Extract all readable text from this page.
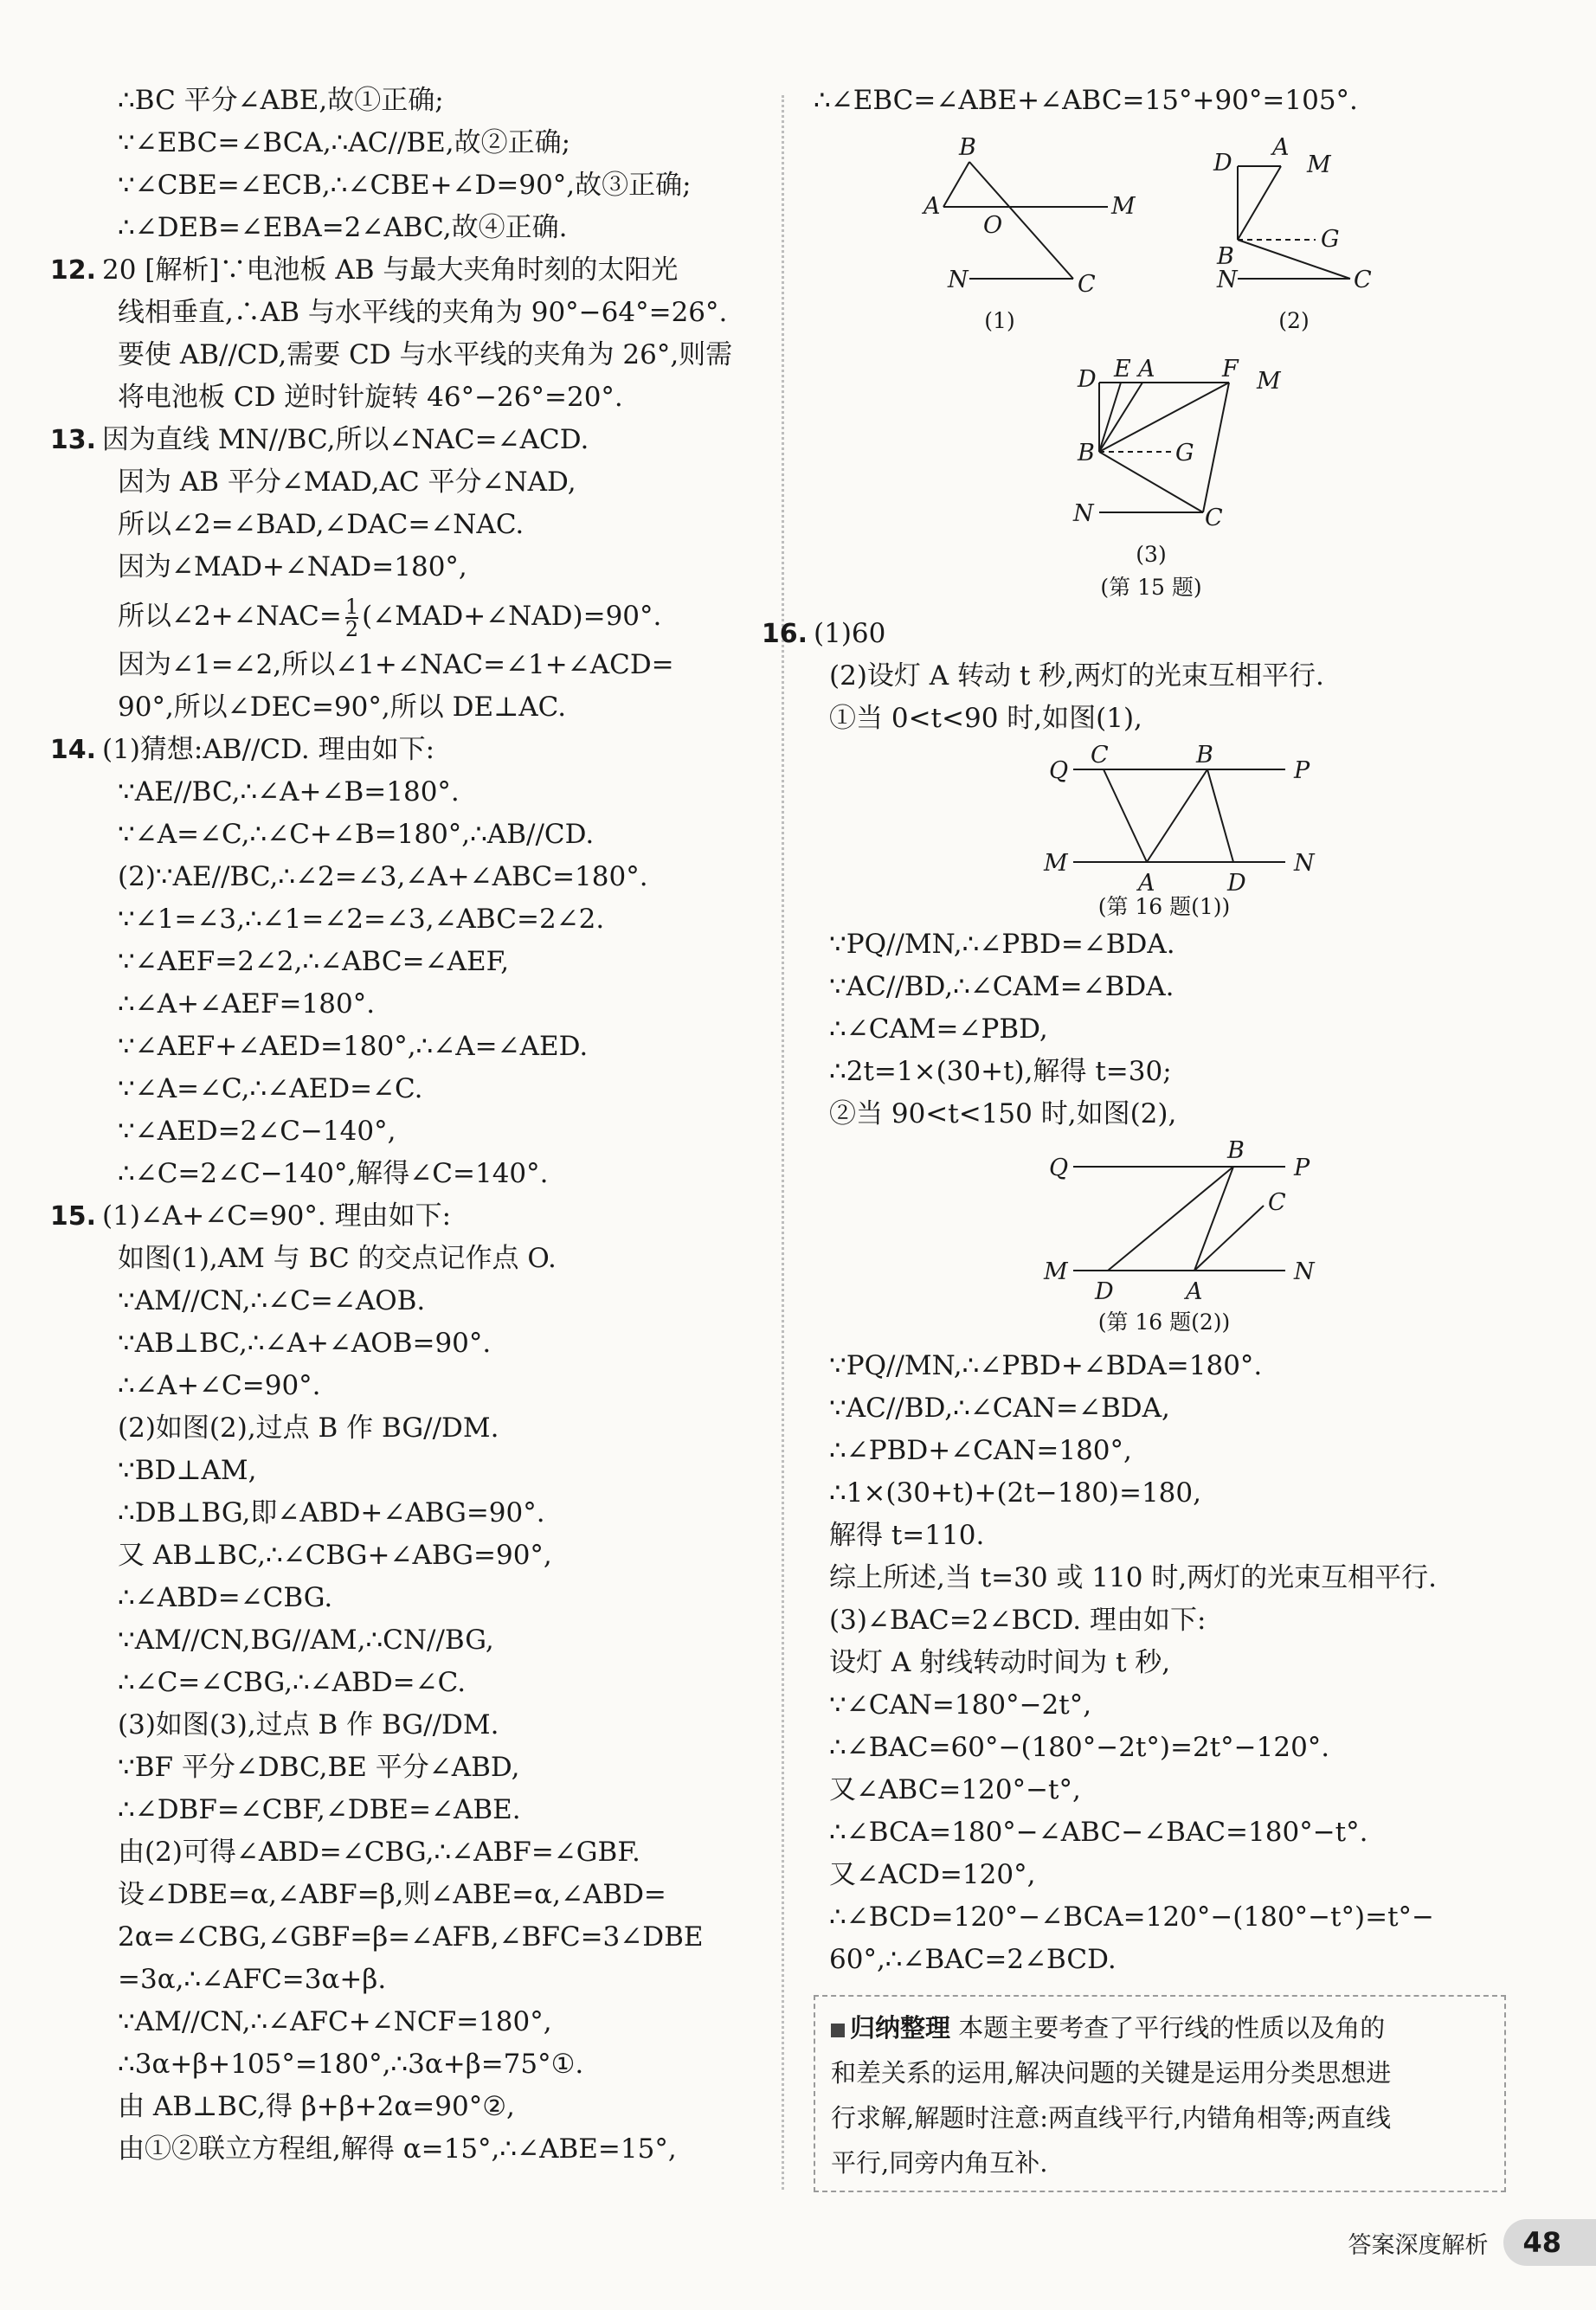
∴BC 平分∠ABE,故①正确;
∵∠EBC=∠BCA,∴AC//BE,故②正确;
∵∠CBE=∠ECB,∴∠CBE+∠D=90°,故③正确;
∴∠DEB=∠EBA=2∠ABC,故④正确.
12. 20 [解析]∵电池板 AB 与最大夹角时刻的太阳光
线相垂直,∴AB 与水平线的夹角为 90°−64°=26°.
要使 AB//CD,需要 CD 与水平线的夹角为 26°,则需
将电池板 CD 逆时针旋转 46°−26°=20°.
13. 因为直线 MN//BC,所以∠NAC=∠ACD.
因为 AB 平分∠MAD,AC 平分∠NAD,
所以∠2=∠BAD,∠DAC=∠NAC.
因为∠MAD+∠NAD=180°,
所以∠2+∠NAC= $\frac{1}{2}$ (∠MAD+∠NAD)=90°.
因为∠1=∠2,所以∠1+∠NAC=∠1+∠ACD=
90°,所以∠DEC=90°,所以 DE⊥AC.
14. (1)猜想:AB//CD. 理由如下:
∵AE//BC,∴∠A+∠B=180°.
∵∠A=∠C,∴∠C+∠B=180°,∴AB//CD.
(2)∵AE//BC,∴∠2=∠3,∠A+∠ABC=180°.
∵∠1=∠3,∴∠1=∠2=∠3,∠ABC=2∠2.
∵∠AEF=2∠2,∴∠ABC=∠AEF,
∴∠A+∠AEF=180°.
∵∠AEF+∠AED=180°,∴∠A=∠AED.
∵∠A=∠C,∴∠AED=∠C.
∵∠AED=2∠C−140°,
∴∠C=2∠C−140°,解得∠C=140°.
15. (1)∠A+∠C=90°. 理由如下:
如图(1),AM 与 BC 的交点记作点 O.
∵AM//CN,∴∠C=∠AOB.
∵AB⊥BC,∴∠A+∠AOB=90°.
∴∠A+∠C=90°.
(2)如图(2),过点 B 作 BG//DM.
∵BD⊥AM,
∴DB⊥BG,即∠ABD+∠ABG=90°.
又 AB⊥BC,∴∠CBG+∠ABG=90°,
∴∠ABD=∠CBG.
∵AM//CN,BG//AM,∴CN//BG,
∴∠C=∠CBG,∴∠ABD=∠C.
(3)如图(3),过点 B 作 BG//DM.
∵BF 平分∠DBC,BE 平分∠ABD,
∴∠DBF=∠CBF,∠DBE=∠ABE.
由(2)可得∠ABD=∠CBG,∴∠ABF=∠GBF.
设∠DBE=α,∠ABF=β,则∠ABE=α,∠ABD=
2α=∠CBG,∠GBF=β=∠AFB,∠BFC=3∠DBE
=3α,∴∠AFC=3α+β.
∵AM//CN,∴∠AFC+∠NCF=180°,
∴3α+β+105°=180°,∴3α+β=75°①.
由 AB⊥BC,得 β+β+2α=90°②,
由①②联立方程组,解得 α=15°,∴∠ABE=15°,
∴∠EBC=∠ABE+∠ABC=15°+90°=105°.
B
A
O
M
N	C
D
A
M
B
G
N	C
D E A	F M
B	G
N	C
(1)	(2)
(3)
(第 15 题)
16. (1)60
(2)设灯 A 转动 t 秒,两灯的光束互相平行.
①当 0<t<90 时,如图(1),
Q
C	B
P
M
A	D
N
(第 16 题(1))
∵PQ//MN,∴∠PBD=∠BDA.
∵AC//BD,∴∠CAM=∠BDA.
∴∠CAM=∠PBD,
∴2t=1×(30+t),解得 t=30;
②当 90<t<150 时,如图(2),
Q
B
P
C
M
D	A
N
(第 16 题(2))
∵PQ//MN,∴∠PBD+∠BDA=180°.
∵AC//BD,∴∠CAN=∠BDA,
∴∠PBD+∠CAN=180°,
∴1×(30+t)+(2t−180)=180,
解得 t=110.
综上所述,当 t=30 或 110 时,两灯的光束互相平行.
(3)∠BAC=2∠BCD. 理由如下:
设灯 A 射线转动时间为 t 秒,
∵∠CAN=180°−2t°,
∴∠BAC=60°−(180°−2t°)=2t°−120°.
又∠ABC=120°−t°,
∴∠BCA=180°−∠ABC−∠BAC=180°−t°.
又∠ACD=120°,
∴∠BCD=120°−∠BCA=120°−(180°−t°)=t°−
60°,∴∠BAC=2∠BCD.
归纳整理 本题主要考查了平行线的性质以及角的
和差关系的运用,解决问题的关键是运用分类思想进
行求解,解题时注意:两直线平行,内错角相等;两直线
平行,同旁内角互补.
答案深度解析	48
